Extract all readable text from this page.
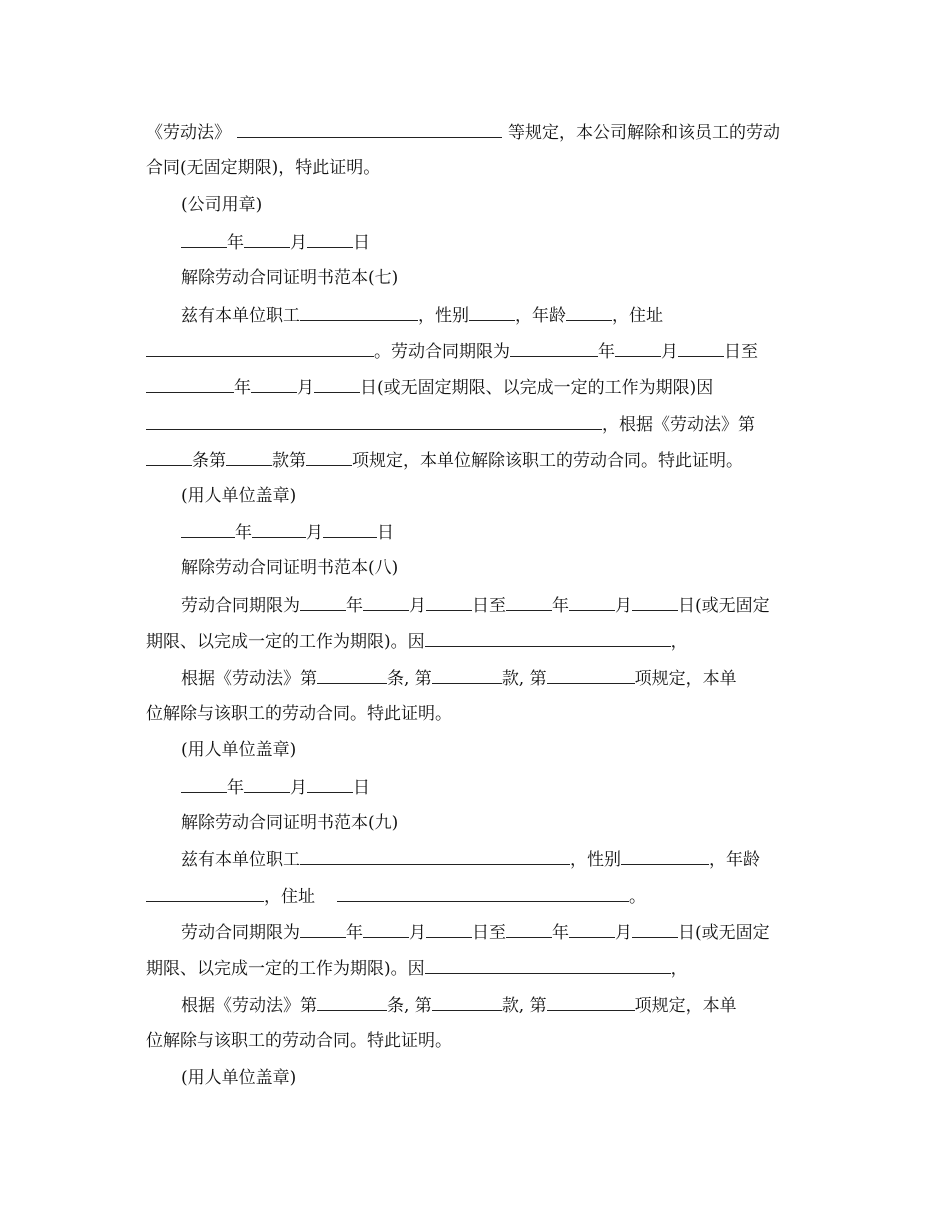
《劳动法》	等规定，本公司解除和该员工的劳动
合同(无固定期限)，特此证明。
(公司用章)
年	月	日
解除劳动合同证明书范本(七)
兹有本单位职工	，性别	，年龄	，住址
。劳动合同期限为	年	月	日至
年	月	日(或无固定期限、以完成一定的工作为期限)因
，根据《劳动法》第
条第	款第	项规定，本单位解除该职工的劳动合同。特此证明。
(用人单位盖章)
年	月	日
解除劳动合同证明书范本(八)
劳动合同期限为	年	月	日至	年	月	日(或无固定
期限、以完成一定的工作为期限)。因	，
根据《劳动法》第	条, 第	款, 第	项规定，本单
位解除与该职工的劳动合同。特此证明。
(用人单位盖章)
年	月	日
解除劳动合同证明书范本(九)
兹有本单位职工	，性别	，年龄
，住址	。
劳动合同期限为	年	月	日至	年	月	日(或无固定
期限、以完成一定的工作为期限)。因	，
根据《劳动法》第	条, 第	款, 第	项规定，本单
位解除与该职工的劳动合同。特此证明。
(用人单位盖章)
